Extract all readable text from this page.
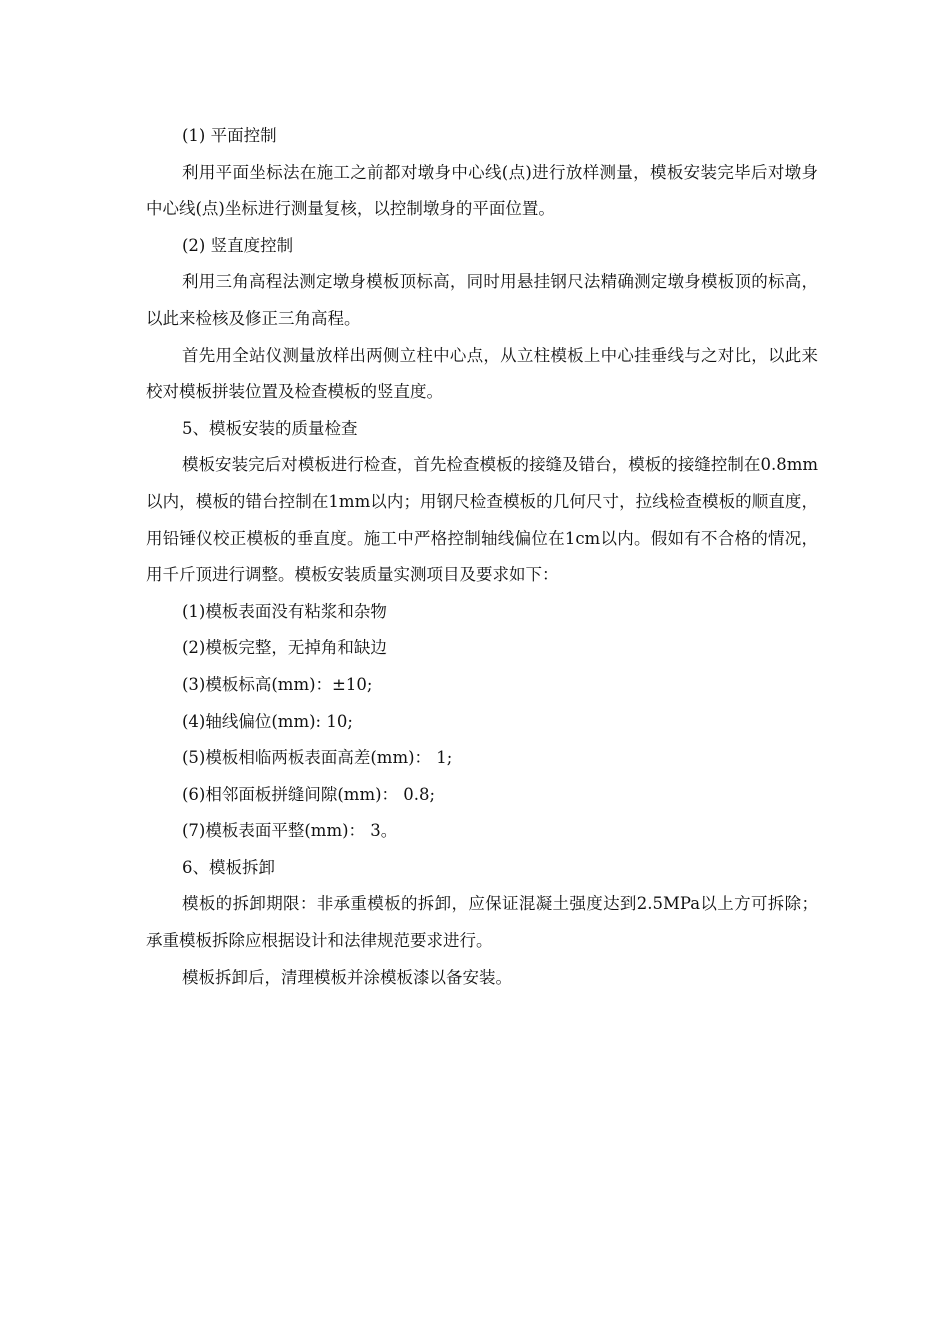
(1) 平面控制

利用平面坐标法在施工之前都对墩身中心线(点)进行放样测量，模板安装完毕后对墩身中心线(点)坐标进行测量复核，以控制墩身的平面位置。

(2) 竖直度控制

利用三角高程法测定墩身模板顶标高，同时用悬挂钢尺法精确测定墩身模板顶的标高，以此来检核及修正三角高程。

首先用全站仪测量放样出两侧立柱中心点，从立柱模板上中心挂垂线与之对比，以此来校对模板拼装位置及检查模板的竖直度。

5、模板安装的质量检查

模板安装完后对模板进行检查，首先检查模板的接缝及错台，模板的接缝控制在0.8mm以内，模板的错台控制在1mm以内；用钢尺检查模板的几何尺寸，拉线检查模板的顺直度，用铅锤仪校正模板的垂直度。施工中严格控制轴线偏位在1cm以内。假如有不合格的情况，用千斤顶进行调整。模板安装质量实测项目及要求如下：

(1)模板表面没有粘浆和杂物

(2)模板完整，无掉角和缺边

(3)模板标高(mm)：±10;

(4)轴线偏位(mm): 10;

(5)模板相临两板表面高差(mm)： 1;

(6)相邻面板拼缝间隙(mm)： 0.8;

(7)模板表面平整(mm)： 3。

6、模板拆卸

模板的拆卸期限：非承重模板的拆卸，应保证混凝土强度达到2.5MPa以上方可拆除；承重模板拆除应根据设计和法律规范要求进行。

模板拆卸后，清理模板并涂模板漆以备安装。
